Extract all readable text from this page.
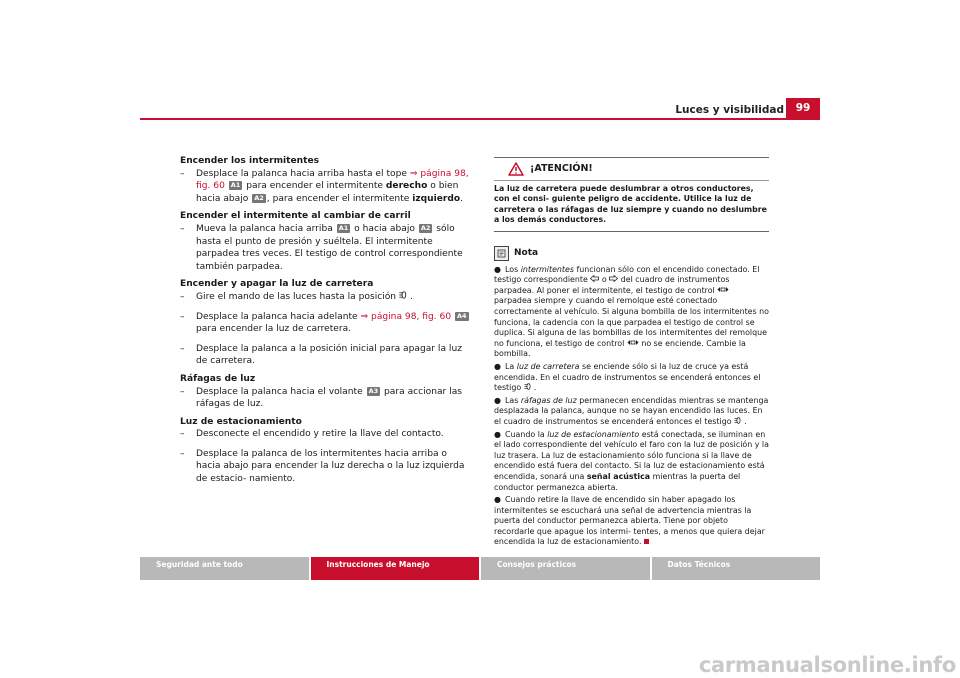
Luces y visibilidad	99

Encender los intermitentes

–	Desplace la palanca hacia arriba hasta el tope ⇒ página 98, fig. 60 A1 para encender el intermitente derecho o bien hacia abajo A2 , para encender el intermitente izquierdo.

Encender el intermitente al cambiar de carril

–	Mueva la palanca hacia arriba A1 o hacia abajo A2 sólo hasta el punto de presión y suéltela. El intermitente parpadea tres veces. El testigo de control correspondiente también parpadea.

Encender y apagar la luz de carretera

–	Gire el mando de las luces hasta la posición .
–	Desplace la palanca hacia adelante ⇒ página 98, fig. 60 A4 para encender la luz de carretera.
–	Desplace la palanca a la posición inicial para apagar la luz de carretera.

Ráfagas de luz

–	Desplace la palanca hacia el volante A3 para accionar las ráfagas de luz.

Luz de estacionamiento

–	Desconecte el encendido y retire la llave del contacto.
–	Desplace la palanca de los intermitentes hacia arriba o hacia abajo para encender la luz derecha o la luz izquierda de estacio- namiento.
¡ATENCIÓN!
La luz de carretera puede deslumbrar a otros conductores, con el consi- guiente peligro de accidente. Utilice la luz de carretera o las ráfagas de luz siempre y cuando no deslumbre a los demás conductores.
Nota

● Los intermitentes funcionan sólo con el encendido conectado. El testigo correspondiente  o  del cuadro de instrumentos parpadea. Al poner el intermitente, el testigo de control  parpadea siempre y cuando el remolque esté conectado correctamente al vehículo. Si alguna bombilla de los intermitentes no funciona, la cadencia con la que parpadea el testigo de control se duplica. Si alguna de las bombillas de los intermitentes del remolque no funciona, el testigo de control  no se enciende. Cambie la bombilla.

● La luz de carretera se enciende sólo si la luz de cruce ya está encendida. En el cuadro de instrumentos se encenderá entonces el testigo .

● Las ráfagas de luz permanecen encendidas mientras se mantenga desplazada la palanca, aunque no se hayan encendido las luces. En el cuadro de instrumentos se encenderá entonces el testigo .

● Cuando la luz de estacionamiento está conectada, se iluminan en el lado correspondiente del vehículo el faro con la luz de posición y la luz trasera. La luz de estacionamiento sólo funciona si la llave de encendido está fuera del contacto. Si la luz de estacionamiento está encendida, sonará una señal acústica mientras la puerta del conductor permanezca abierta.

● Cuando retire la llave de encendido sin haber apagado los intermitentes se escuchará una señal de advertencia mientras la puerta del conductor permanezca abierta. Tiene por objeto recordarle que apague los intermi- tentes, a menos que quiera dejar encendida la luz de estacionamiento.

Seguridad ante todo	Instrucciones de Manejo	Consejos prácticos	Datos Técnicos
carmanualsonline.info
